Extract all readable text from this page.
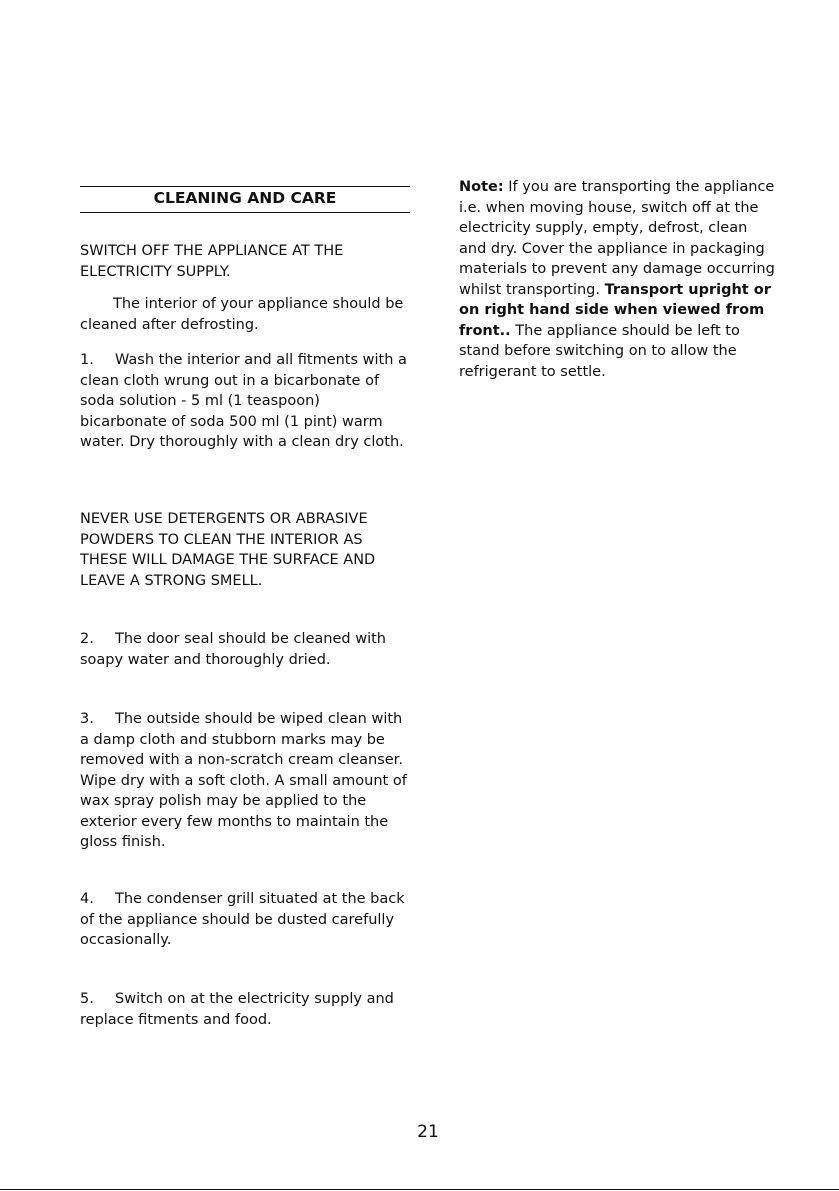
CLEANING AND CARE

SWITCH OFF THE APPLIANCE AT THE ELECTRICITY SUPPLY.

The interior of your appliance should be cleaned after defrosting.

1. Wash the interior and all fitments with a clean cloth wrung out in a bicarbonate of soda solution - 5 ml (1 teaspoon) bicarbonate of soda 500 ml (1 pint) warm water. Dry thoroughly with a clean dry cloth.

NEVER USE DETERGENTS OR ABRASIVE POWDERS TO CLEAN THE INTERIOR AS THESE WILL DAMAGE THE SURFACE AND LEAVE A STRONG SMELL.

2. The door seal should be cleaned with soapy water and thoroughly dried.

3. The outside should be wiped clean with a damp cloth and stubborn marks may be removed with a non-scratch cream cleanser. Wipe dry with a soft cloth. A small amount of wax spray polish may be applied to the exterior every few months to maintain the gloss finish.

4. The condenser grill situated at the back of the appliance should be dusted carefully occasionally.

5. Switch on at the electricity supply and replace fitments and food.

Note: If you are transporting the appliance i.e. when moving house, switch off at the electricity supply, empty, defrost, clean and dry. Cover the appliance in packaging materials to prevent any damage occurring whilst transporting. Transport upright or on right hand side when viewed from front.. The appliance should be left to stand before switching on to allow the refrigerant to settle.

21
